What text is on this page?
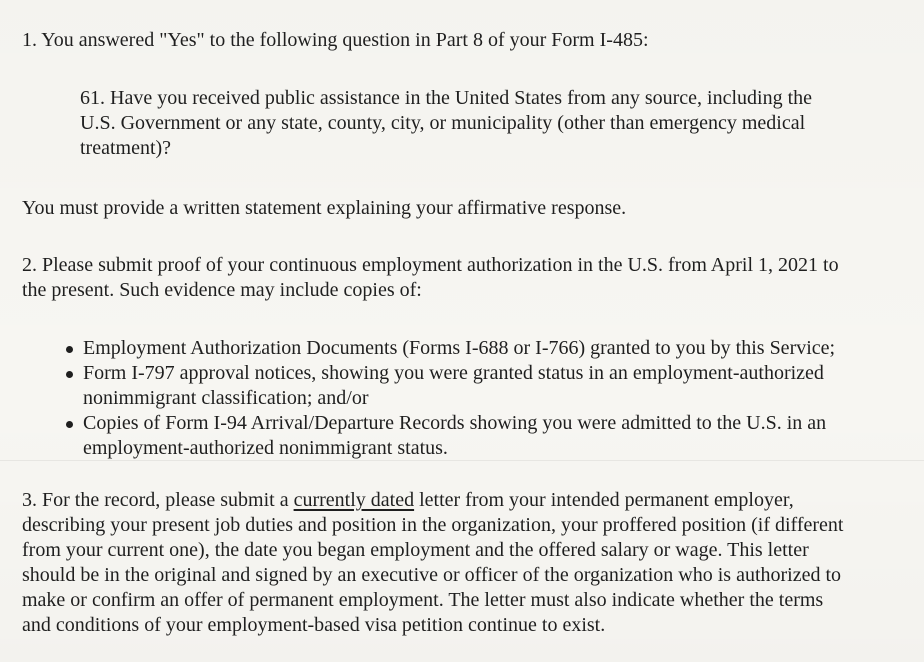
1. You answered "Yes" to the following question in Part 8 of your Form I-485:
61. Have you received public assistance in the United States from any source, including the
U.S. Government or any state, county, city, or municipality (other than emergency medical
treatment)?
You must provide a written statement explaining your affirmative response.
2. Please submit proof of your continuous employment authorization in the U.S. from April 1, 2021 to
the present. Such evidence may include copies of:
Employment Authorization Documents (Forms I-688 or I-766) granted to you by this Service;
Form I-797 approval notices, showing you were granted status in an employment-authorized
nonimmigrant classification; and/or
Copies of Form I-94 Arrival/Departure Records showing you were admitted to the U.S. in an
employment-authorized nonimmigrant status.
3. For the record, please submit a currently dated letter from your intended permanent employer,
describing your present job duties and position in the organization, your proffered position (if different
from your current one), the date you began employment and the offered salary or wage. This letter
should be in the original and signed by an executive or officer of the organization who is authorized to
make or confirm an offer of permanent employment. The letter must also indicate whether the terms
and conditions of your employment-based visa petition continue to exist.
